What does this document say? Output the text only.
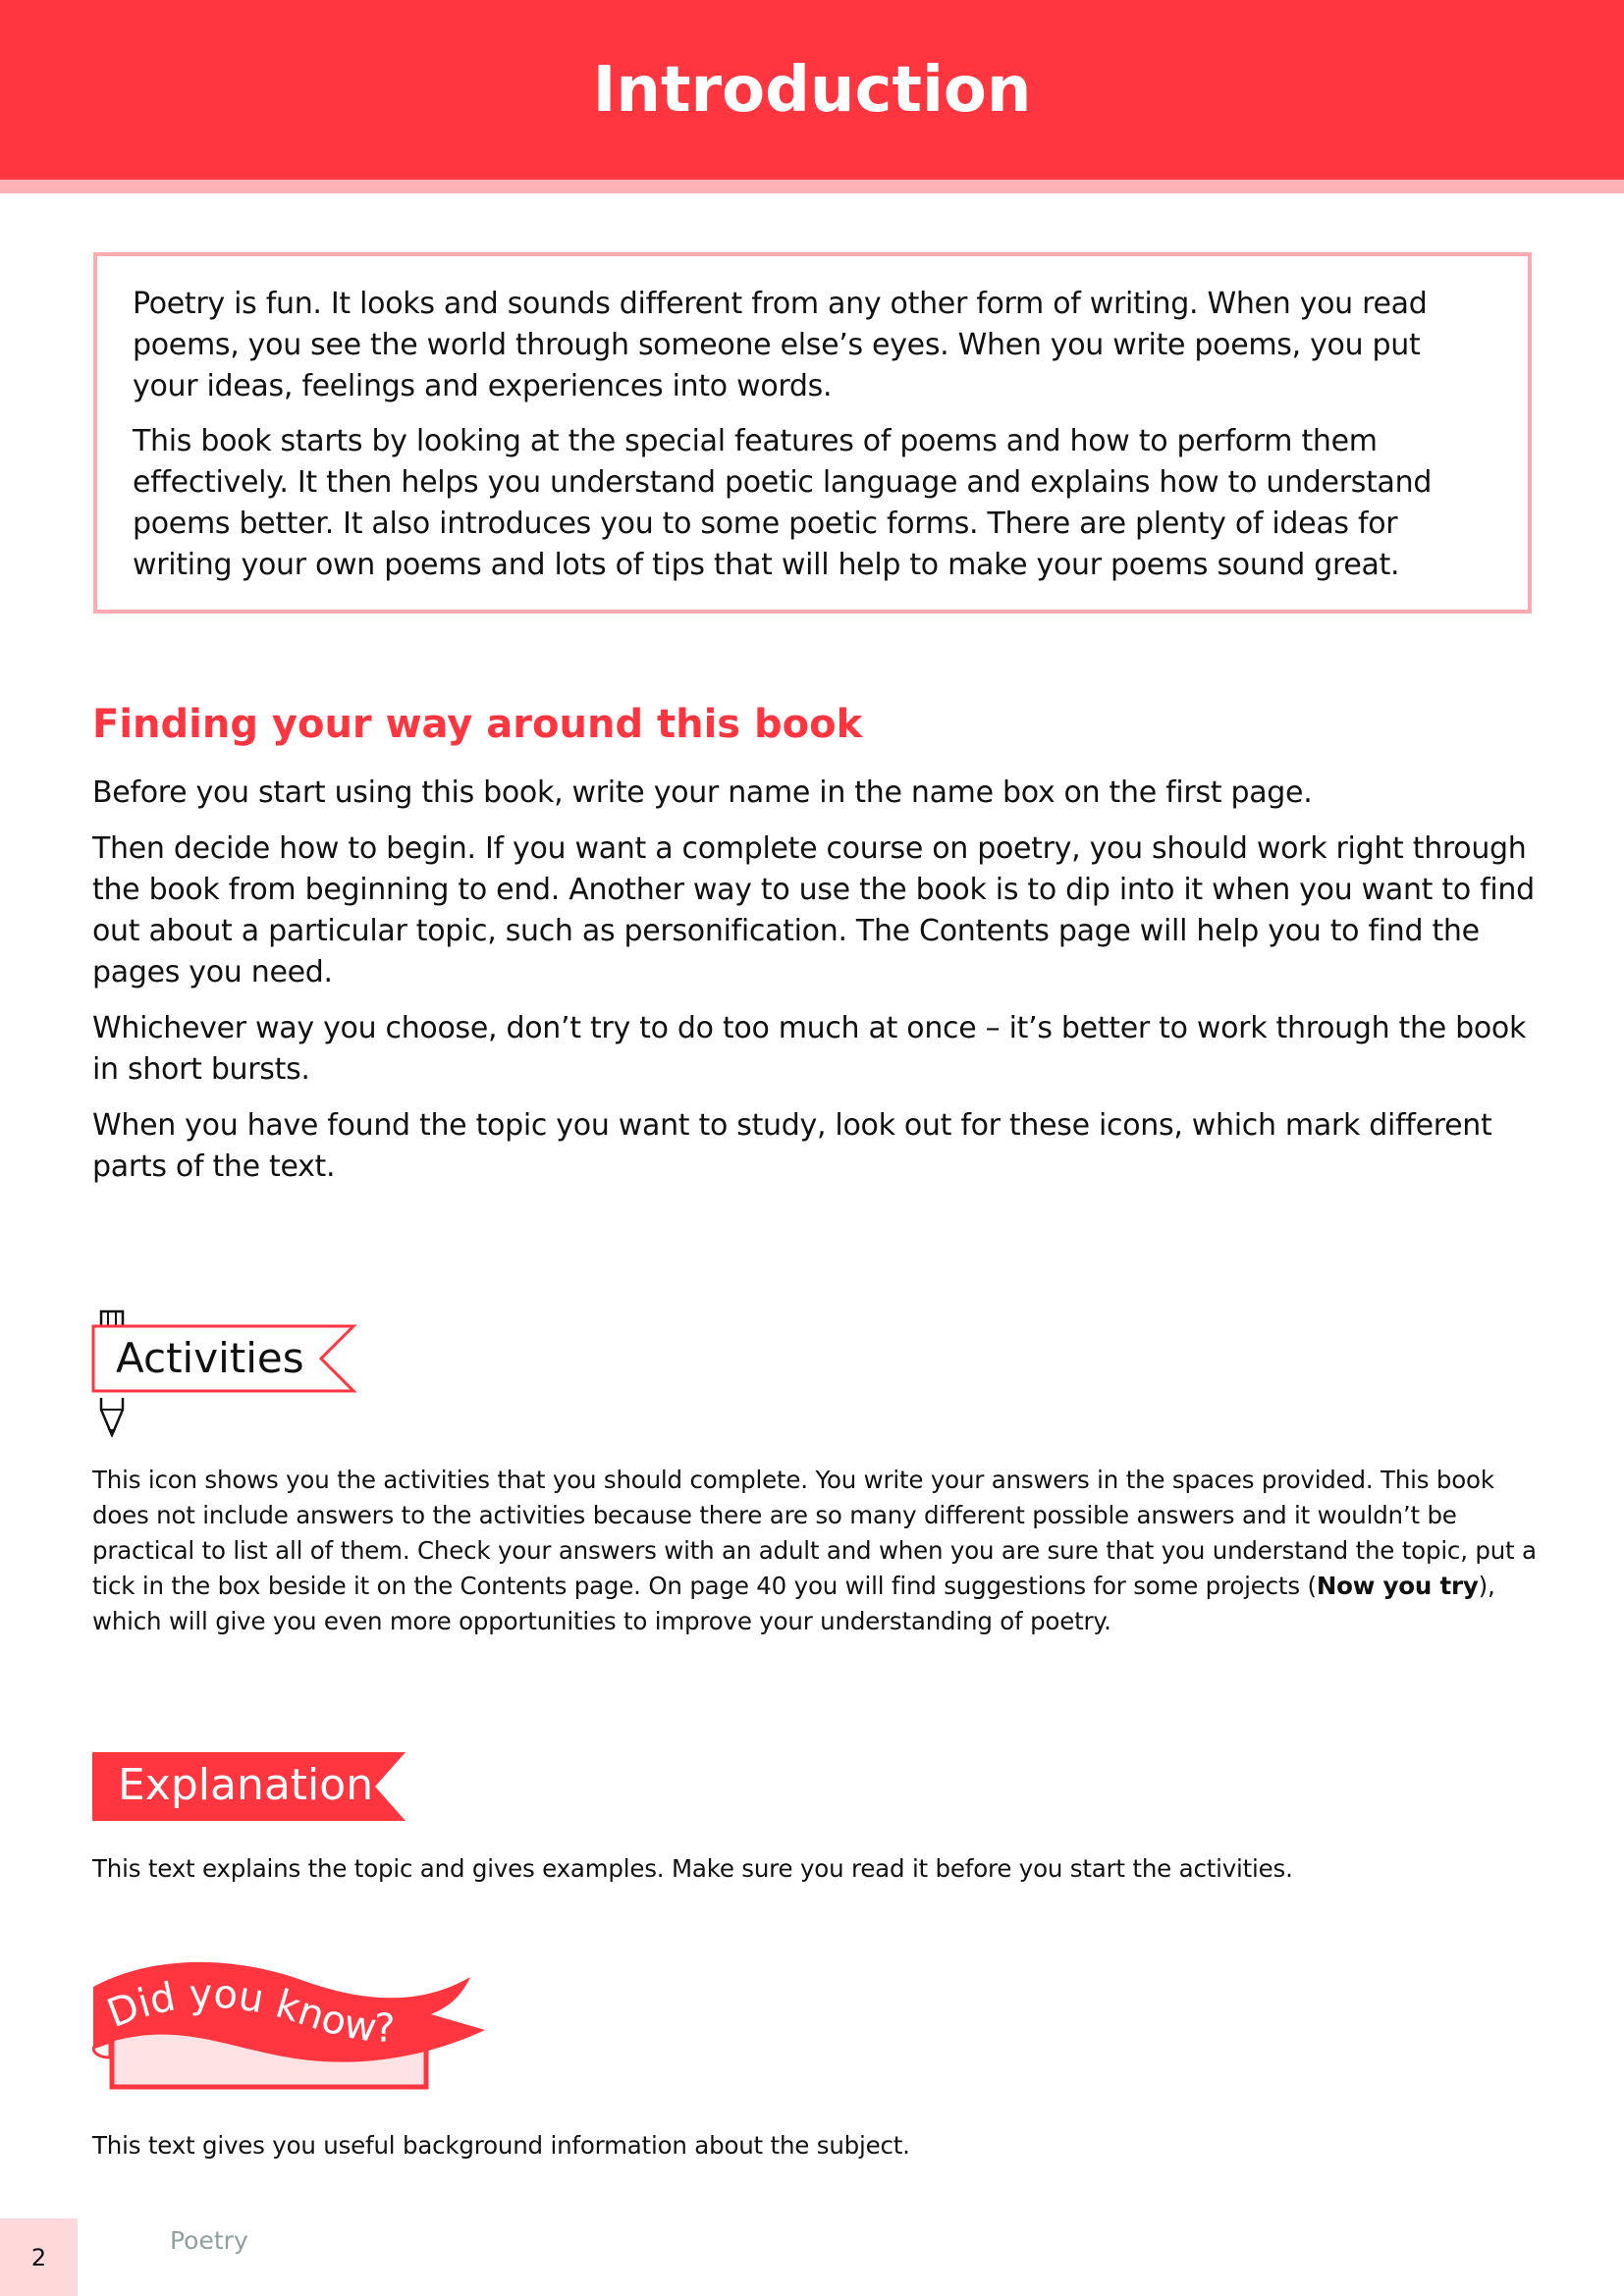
Introduction

Poetry is fun. It looks and sounds different from any other form of writing. When you read poems, you see the world through someone else’s eyes. When you write poems, you put your ideas, feelings and experiences into words.

This book starts by looking at the special features of poems and how to perform them effectively. It then helps you understand poetic language and explains how to understand poems better. It also introduces you to some poetic forms. There are plenty of ideas for writing your own poems and lots of tips that will help to make your poems sound great.

Finding your way around this book

Before you start using this book, write your name in the name box on the first page.

Then decide how to begin. If you want a complete course on poetry, you should work right through the book from beginning to end. Another way to use the book is to dip into it when you want to find out about a particular topic, such as personification. The Contents page will help you to find the pages you need.

Whichever way you choose, don’t try to do too much at once – it’s better to work through the book in short bursts.

When you have found the topic you want to study, look out for these icons, which mark different parts of the text.

Activities
This icon shows you the activities that you should complete. You write your answers in the spaces provided. This book does not include answers to the activities because there are so many different possible answers and it wouldn’t be practical to list all of them. Check your answers with an adult and when you are sure that you understand the topic, put a tick in the box beside it on the Contents page. On page 40 you will find suggestions for some projects (Now you try), which will give you even more opportunities to improve your understanding of poetry.
Explanation
This text explains the topic and gives examples. Make sure you read it before you start the activities.
Did you know?
This text gives you useful background information about the subject.
2
Poetry
